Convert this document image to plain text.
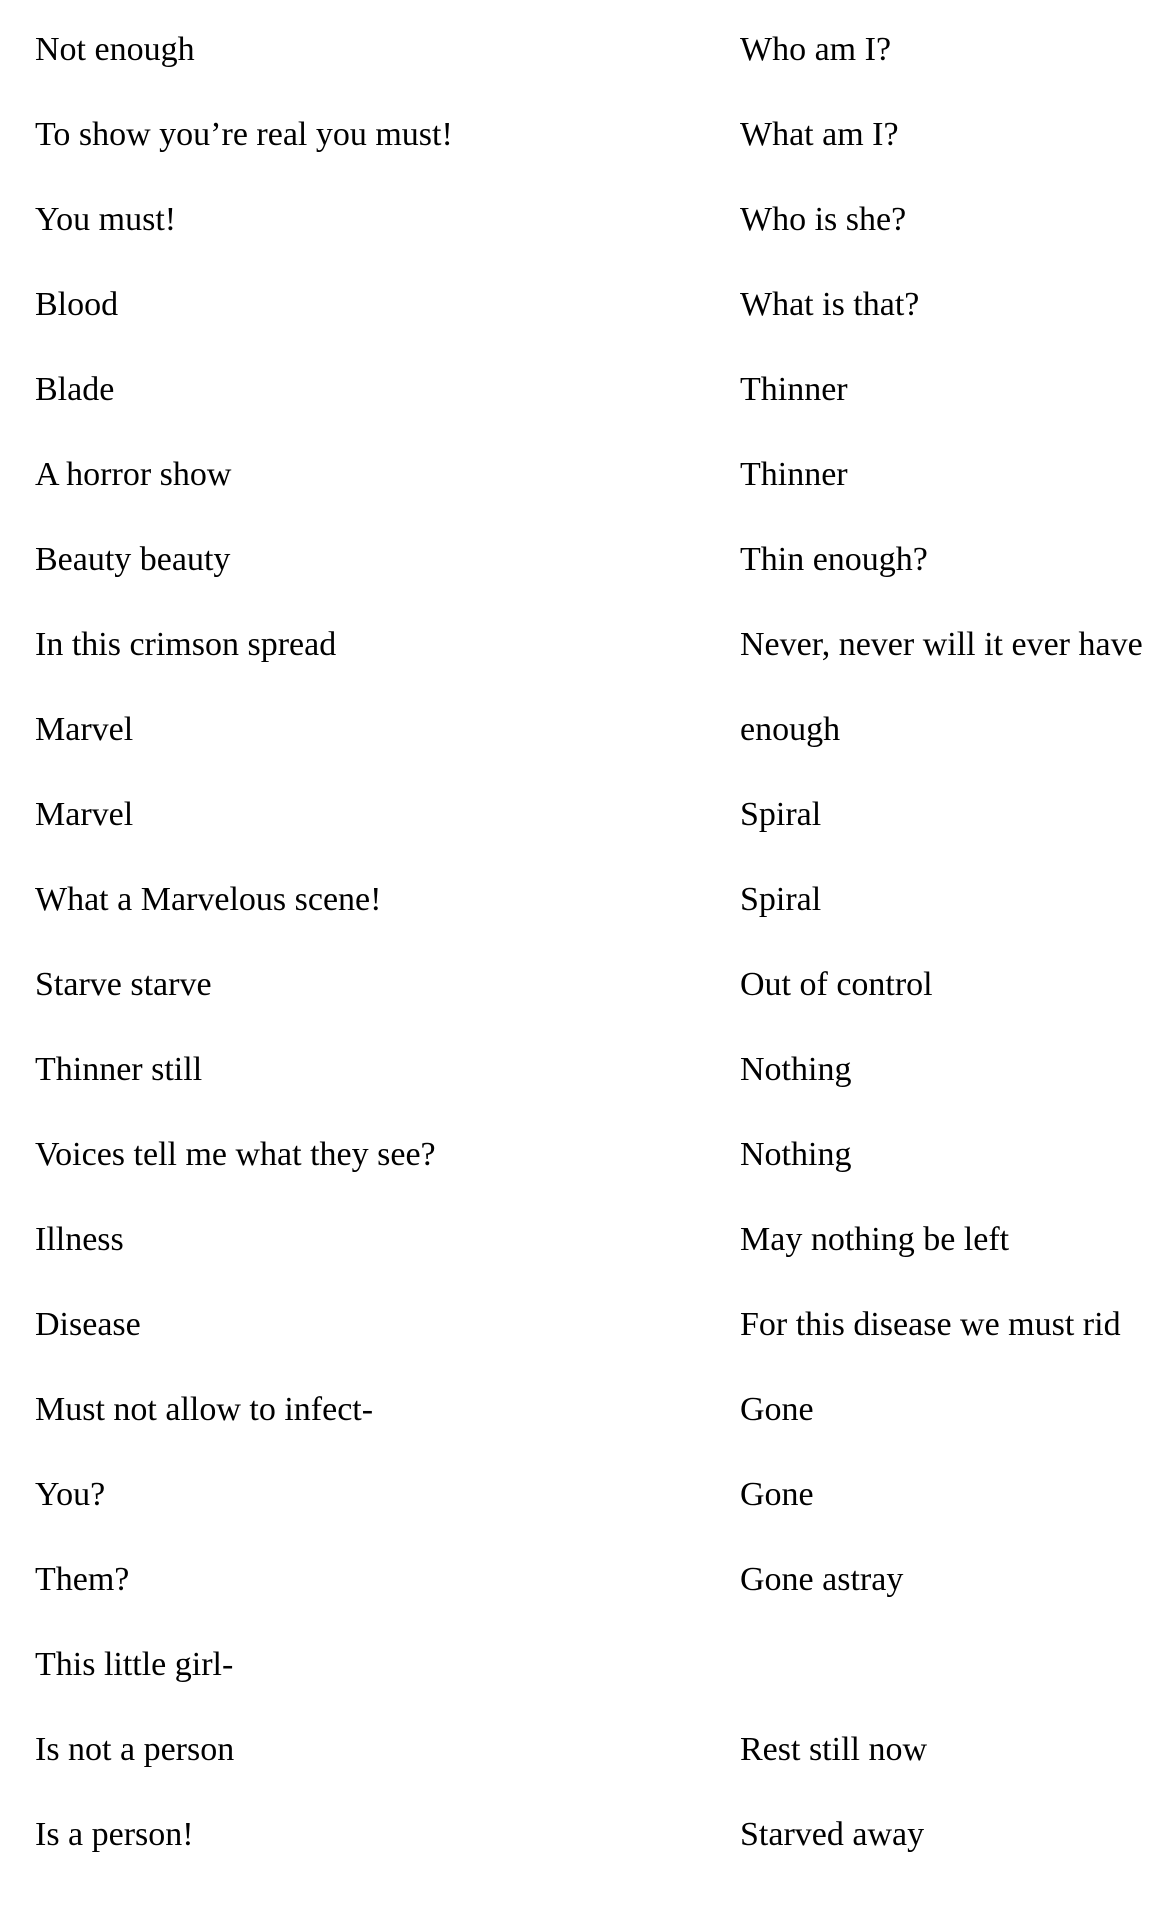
Not enough
To show you’re real you must!
You must!
Blood
Blade
A horror show
Beauty beauty
In this crimson spread
Marvel
Marvel
What a Marvelous scene!
Starve starve
Thinner still
Voices tell me what they see?
Illness
Disease
Must not allow to infect-
You?
Them?
This little girl-
Is not a person
Is a person!
Who am I?
What am I?
Who is she?
What is that?
Thinner
Thinner
Thin enough?
Never, never will it ever have
enough
Spiral
Spiral
Out of control
Nothing
Nothing
May nothing be left
For this disease we must rid
Gone
Gone
Gone astray
Rest still now
Starved away
